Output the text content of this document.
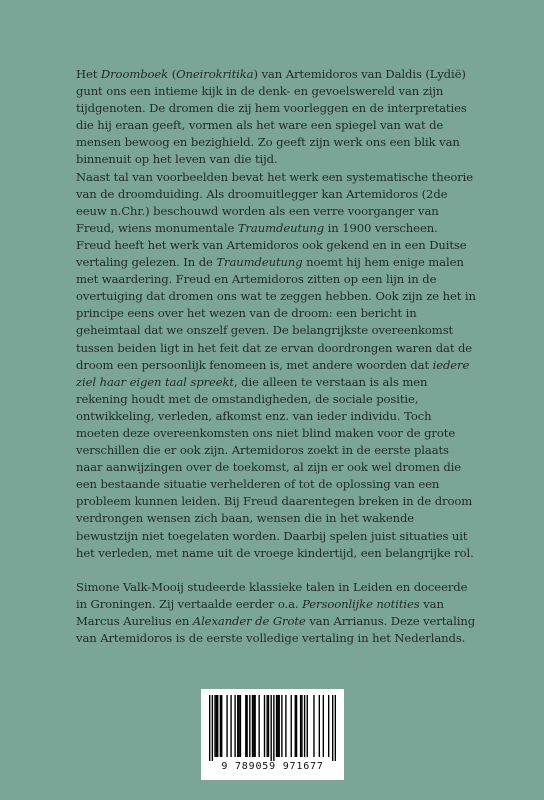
Het Droomboek (Oneirokritika) van Artemidoros van Daldis (Lydië) gunt ons een intieme kijk in de denk- en gevoelswereld van zijn tijdgenoten. De dromen die zij hem voorleggen en de interpretaties die hij eraan geeft, vormen als het ware een spiegel van wat de mensen bewoog en bezighield. Zo geeft zijn werk ons een blik van binnenuit op het leven van die tijd.

Naast tal van voorbeelden bevat het werk een systematische theorie van de droomduiding. Als droomuitlegger kan Artemidoros (2de eeuw n.Chr.) beschouwd worden als een verre voorganger van Freud, wiens monumentale Traumdeutung in 1900 verscheen. Freud heeft het werk van Artemidoros ook gekend en in een Duitse vertaling gelezen. In de Traumdeutung noemt hij hem enige malen met waardering. Freud en Artemidoros zitten op een lijn in de overtuiging dat dromen ons wat te zeggen hebben. Ook zijn ze het in principe eens over het wezen van de droom: een bericht in geheimtaal dat we onszelf geven. De belangrijkste overeenkomst tussen beiden ligt in het feit dat ze ervan doordrongen waren dat de droom een persoonlijk fenomeen is, met andere woorden dat iedere ziel haar eigen taal spreekt, die alleen te verstaan is als men rekening houdt met de omstandigheden, de sociale positie, ontwikkeling, verleden, afkomst enz. van ieder individu. Toch moeten deze overeenkomsten ons niet blind maken voor de grote verschillen die er ook zijn. Artemidoros zoekt in de eerste plaats naar aanwijzingen over de toekomst, al zijn er ook wel dromen die een bestaande situatie verhelderen of tot de oplossing van een probleem kunnen leiden. Bij Freud daarentegen breken in de droom verdrongen wensen zich baan, wensen die in het wakende bewustzijn niet toegelaten worden. Daarbij spelen juist situaties uit het verleden, met name uit de vroege kindertijd, een belangrijke rol.

Simone Valk-Mooij studeerde klassieke talen in Leiden en doceerde in Groningen. Zij vertaalde eerder o.a. Persoonlijke notities van Marcus Aurelius en Alexander de Grote van Arrianus. Deze vertaling van Artemidoros is de eerste volledige vertaling in het Nederlands.

9 789059 971677
